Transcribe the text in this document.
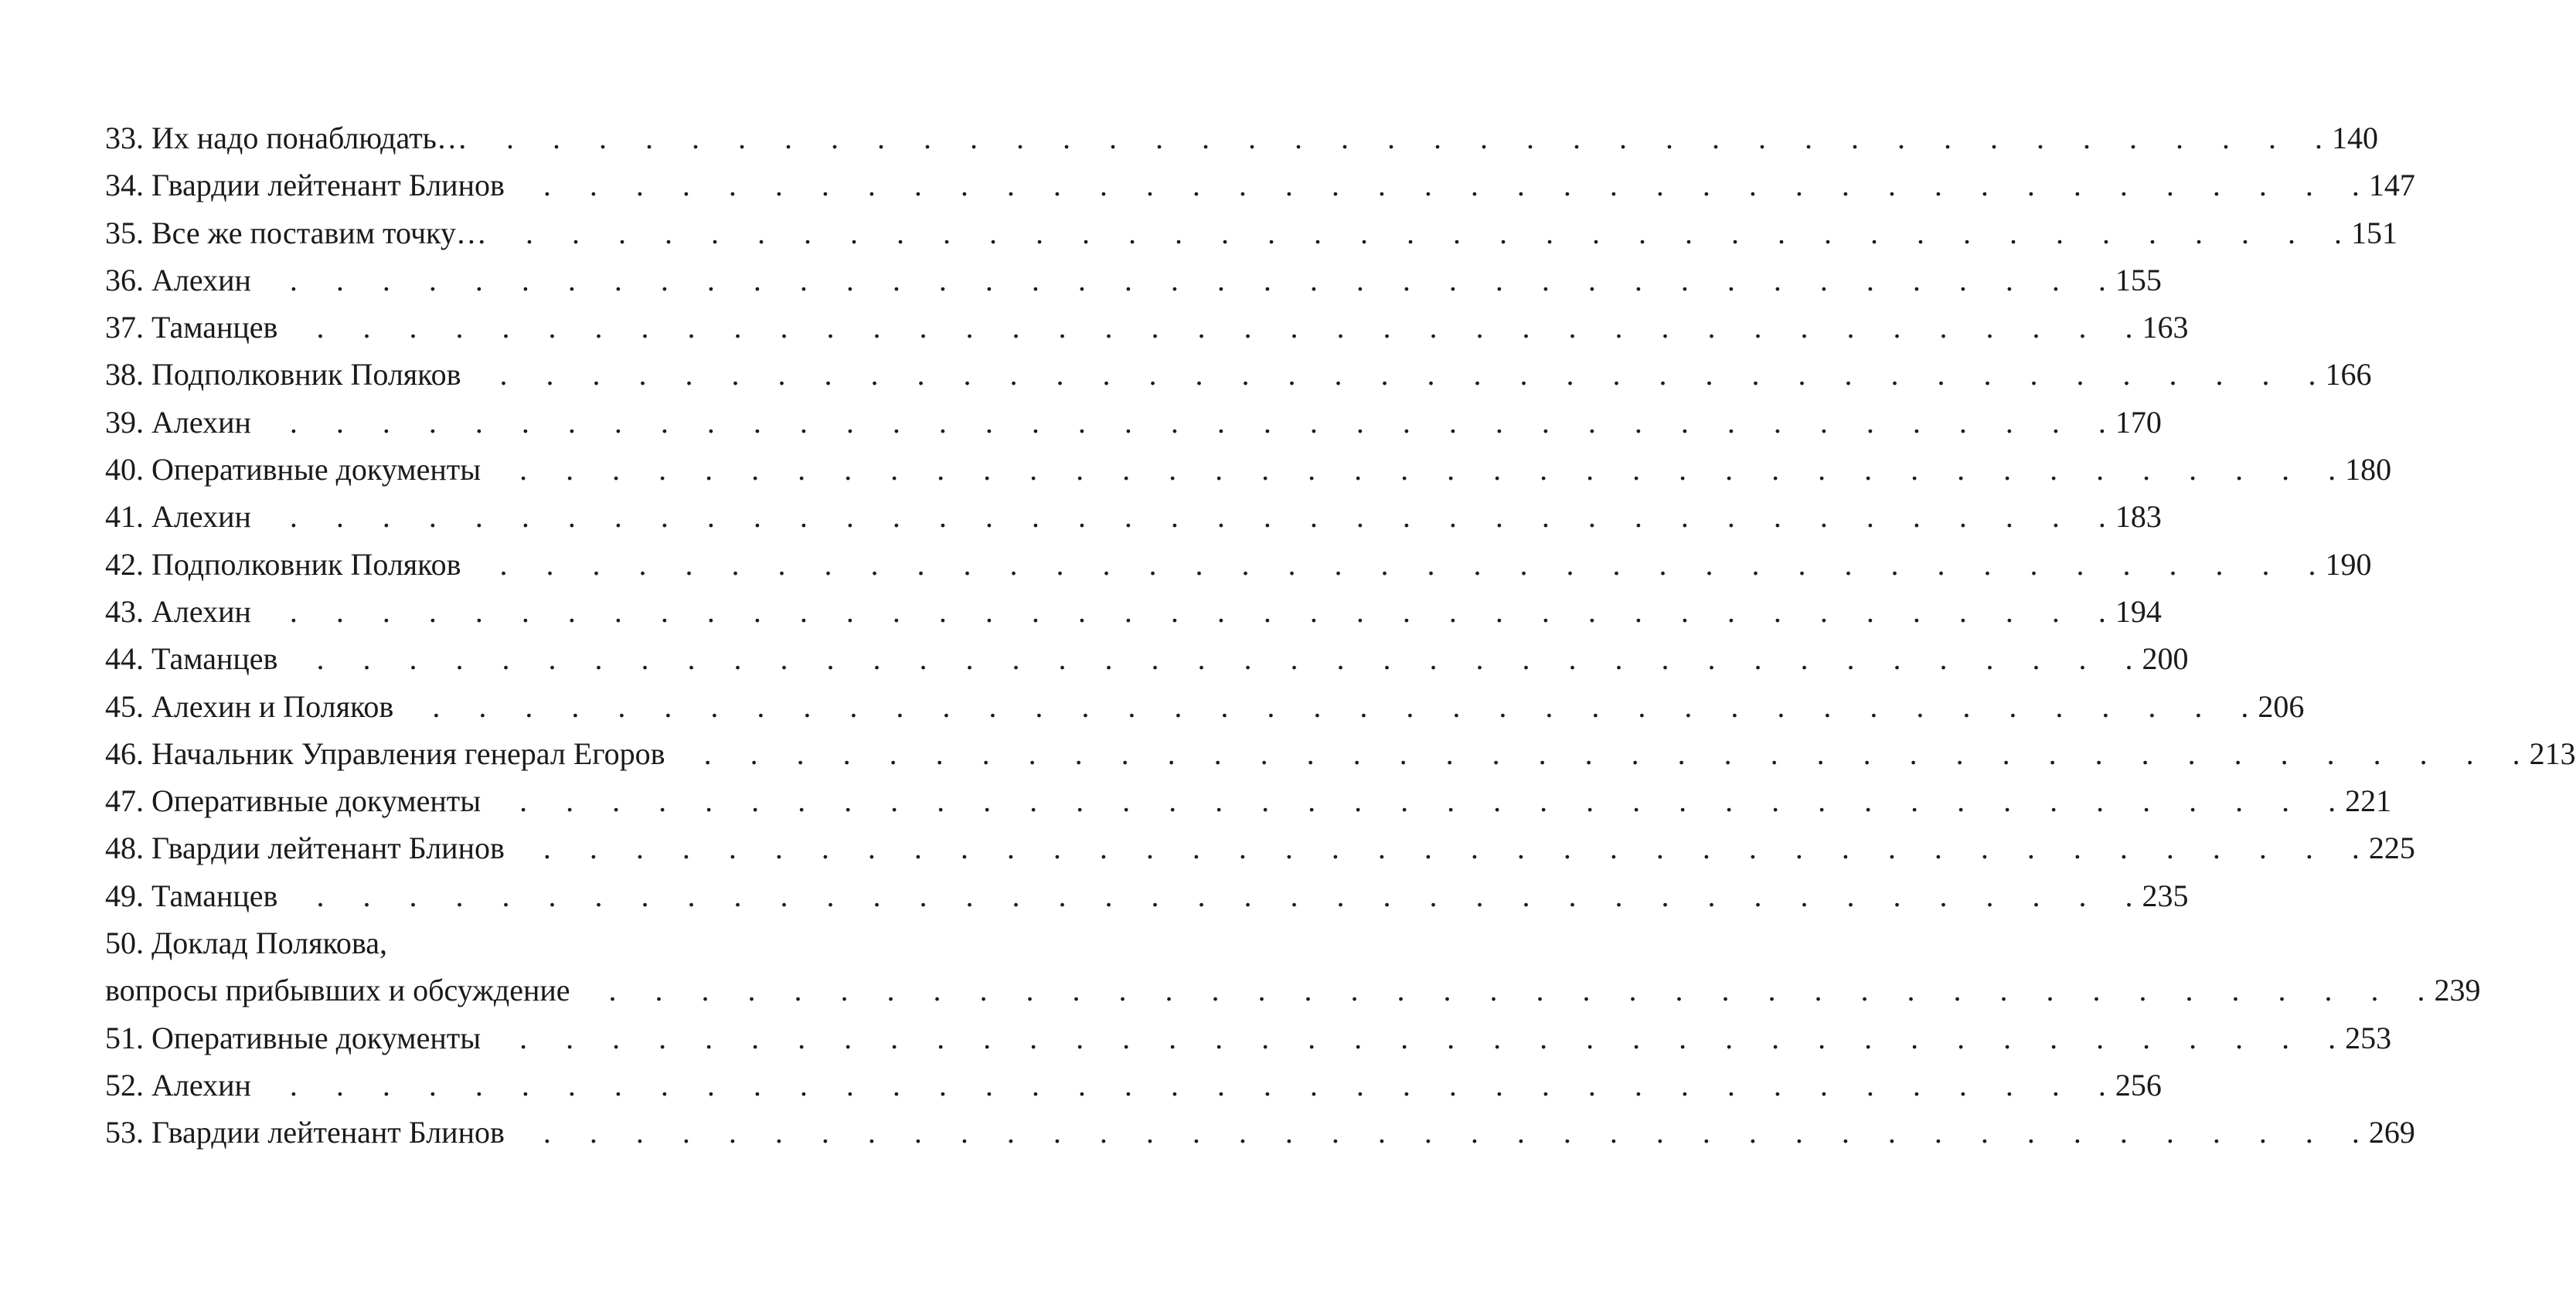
33. Их надо понаблюдать… .     .     .     .     .     .     .     .     .     .     .     .     .     .     .     .     .     .     .     .     .     .     .     .     .     .     .     .     .     .     .     .     .     .     .     .     .     .     .     . 140
34. Гвардии лейтенант Блинов .     .     .     .     .     .     .     .     .     .     .     .     .     .     .     .     .     .     .     .     .     .     .     .     .     .     .     .     .     .     .     .     .     .     .     .     .     .     .     . 147
35. Все же поставим точку… .     .     .     .     .     .     .     .     .     .     .     .     .     .     .     .     .     .     .     .     .     .     .     .     .     .     .     .     .     .     .     .     .     .     .     .     .     .     .     . 151
36. Алехин .     .     .     .     .     .     .     .     .     .     .     .     .     .     .     .     .     .     .     .     .     .     .     .     .     .     .     .     .     .     .     .     .     .     .     .     .     .     .     . 155
37. Таманцев .     .     .     .     .     .     .     .     .     .     .     .     .     .     .     .     .     .     .     .     .     .     .     .     .     .     .     .     .     .     .     .     .     .     .     .     .     .     .     . 163
38. Подполковник Поляков .     .     .     .     .     .     .     .     .     .     .     .     .     .     .     .     .     .     .     .     .     .     .     .     .     .     .     .     .     .     .     .     .     .     .     .     .     .     .     . 166
39. Алехин .     .     .     .     .     .     .     .     .     .     .     .     .     .     .     .     .     .     .     .     .     .     .     .     .     .     .     .     .     .     .     .     .     .     .     .     .     .     .     . 170
40. Оперативные документы .     .     .     .     .     .     .     .     .     .     .     .     .     .     .     .     .     .     .     .     .     .     .     .     .     .     .     .     .     .     .     .     .     .     .     .     .     .     .     . 180
41. Алехин .     .     .     .     .     .     .     .     .     .     .     .     .     .     .     .     .     .     .     .     .     .     .     .     .     .     .     .     .     .     .     .     .     .     .     .     .     .     .     . 183
42. Подполковник Поляков .     .     .     .     .     .     .     .     .     .     .     .     .     .     .     .     .     .     .     .     .     .     .     .     .     .     .     .     .     .     .     .     .     .     .     .     .     .     .     . 190
43. Алехин .     .     .     .     .     .     .     .     .     .     .     .     .     .     .     .     .     .     .     .     .     .     .     .     .     .     .     .     .     .     .     .     .     .     .     .     .     .     .     . 194
44. Таманцев .     .     .     .     .     .     .     .     .     .     .     .     .     .     .     .     .     .     .     .     .     .     .     .     .     .     .     .     .     .     .     .     .     .     .     .     .     .     .     . 200
45. Алехин и Поляков .     .     .     .     .     .     .     .     .     .     .     .     .     .     .     .     .     .     .     .     .     .     .     .     .     .     .     .     .     .     .     .     .     .     .     .     .     .     .     . 206
46. Начальник Управления генерал Егоров .     .     .     .     .     .     .     .     .     .     .     .     .     .     .     .     .     .     .     .     .     .     .     .     .     .     .     .     .     .     .     .     .     .     .     .     .     .     .     . 213
47. Оперативные документы .     .     .     .     .     .     .     .     .     .     .     .     .     .     .     .     .     .     .     .     .     .     .     .     .     .     .     .     .     .     .     .     .     .     .     .     .     .     .     . 221
48. Гвардии лейтенант Блинов .     .     .     .     .     .     .     .     .     .     .     .     .     .     .     .     .     .     .     .     .     .     .     .     .     .     .     .     .     .     .     .     .     .     .     .     .     .     .     . 225
49. Таманцев .     .     .     .     .     .     .     .     .     .     .     .     .     .     .     .     .     .     .     .     .     .     .     .     .     .     .     .     .     .     .     .     .     .     .     .     .     .     .     . 235
50. Доклад Полякова,
вопросы прибывших и обсуждение .     .     .     .     .     .     .     .     .     .     .     .     .     .     .     .     .     .     .     .     .     .     .     .     .     .     .     .     .     .     .     .     .     .     .     .     .     .     .     . 239
51. Оперативные документы .     .     .     .     .     .     .     .     .     .     .     .     .     .     .     .     .     .     .     .     .     .     .     .     .     .     .     .     .     .     .     .     .     .     .     .     .     .     .     . 253
52. Алехин .     .     .     .     .     .     .     .     .     .     .     .     .     .     .     .     .     .     .     .     .     .     .     .     .     .     .     .     .     .     .     .     .     .     .     .     .     .     .     . 256
53. Гвардии лейтенант Блинов .     .     .     .     .     .     .     .     .     .     .     .     .     .     .     .     .     .     .     .     .     .     .     .     .     .     .     .     .     .     .     .     .     .     .     .     .     .     .     . 269
